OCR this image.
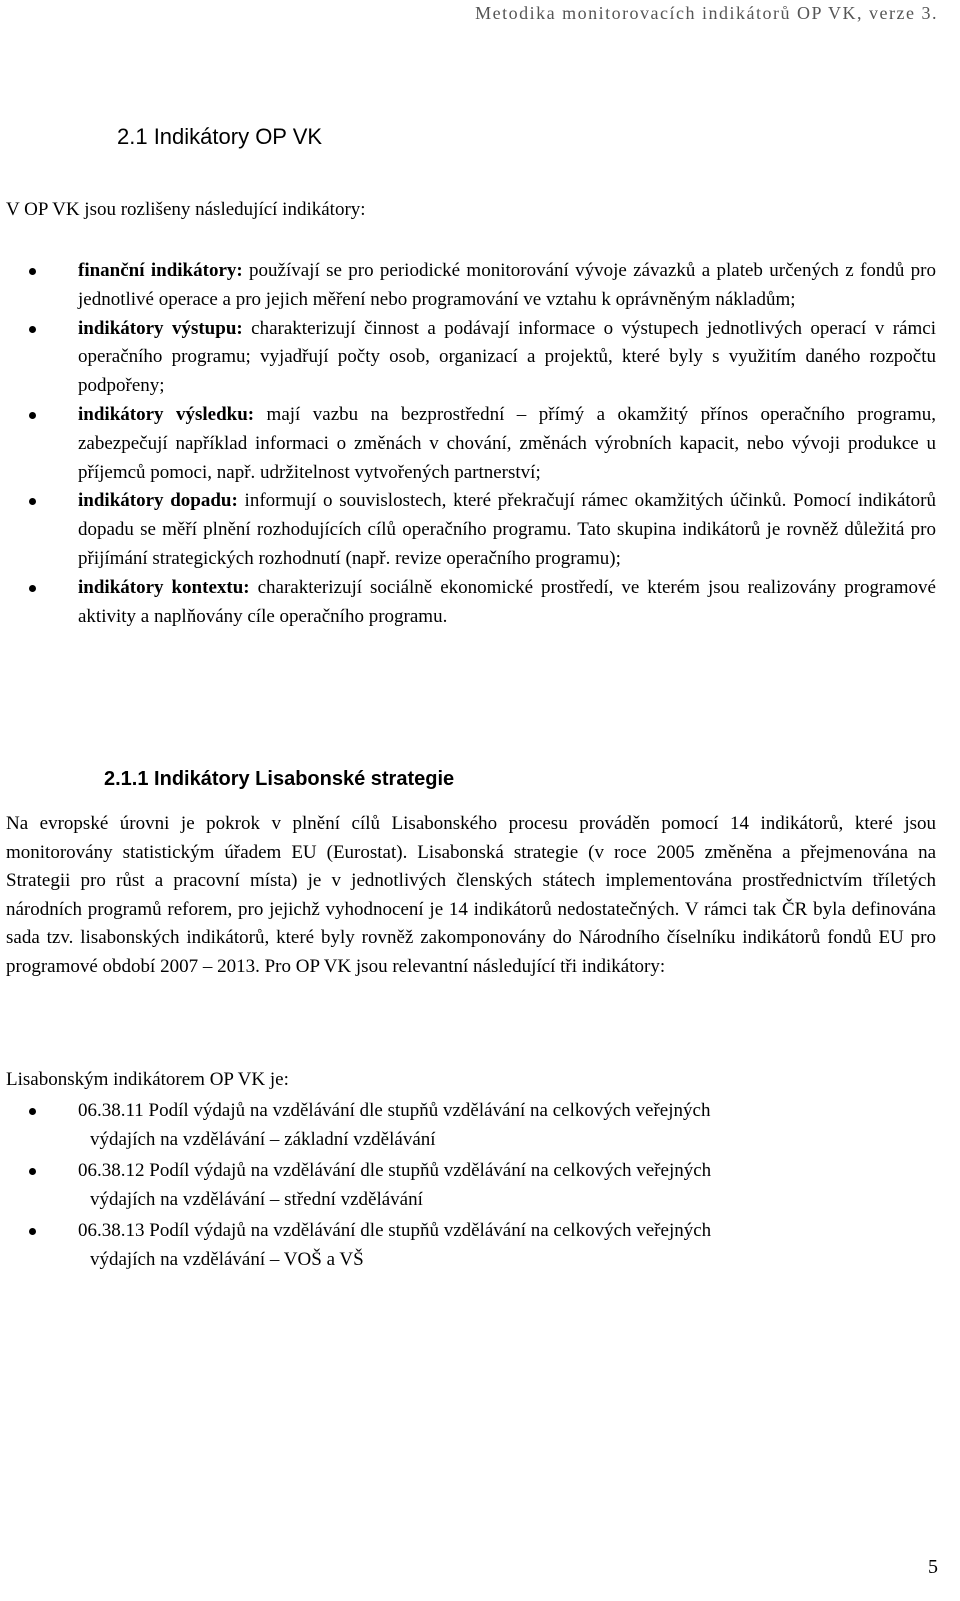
Metodika monitorovacích indikátorů OP VK, verze 3.
2.1 Indikátory OP VK

V OP VK jsou rozlišeny následující indikátory:

finanční indikátory: používají se pro periodické monitorování vývoje závazků a plateb určených z fondů pro jednotlivé operace a pro jejich měření nebo programování ve vztahu k oprávněným nákladům;
indikátory výstupu: charakterizují činnost a podávají informace o výstupech jednotlivých operací v rámci operačního programu; vyjadřují počty osob, organizací a projektů, které byly s využitím daného rozpočtu podpořeny;
indikátory výsledku: mají vazbu na bezprostřední – přímý a okamžitý přínos operačního programu, zabezpečují například informaci o změnách v chování, změnách výrobních kapacit, nebo vývoji produkce u příjemců pomoci, např. udržitelnost vytvořených partnerství;
indikátory dopadu: informují o souvislostech, které překračují rámec okamžitých účinků. Pomocí indikátorů dopadu se měří plnění rozhodujících cílů operačního programu. Tato skupina indikátorů je rovněž důležitá pro přijímání strategických rozhodnutí (např. revize operačního programu);
indikátory kontextu: charakterizují sociálně ekonomické prostředí, ve kterém jsou realizovány programové aktivity a naplňovány cíle operačního programu.
2.1.1 Indikátory Lisabonské strategie

Na evropské úrovni je pokrok v plnění cílů Lisabonského procesu prováděn pomocí 14 indikátorů, které jsou monitorovány statistickým úřadem EU (Eurostat). Lisabonská strategie (v roce 2005 změněna a přejmenována na Strategii pro růst a pracovní místa) je v jednotlivých členských státech implementována prostřednictvím tříletých národních programů reforem, pro jejichž vyhodnocení je 14 indikátorů nedostatečných. V rámci tak ČR byla definována sada tzv. lisabonských indikátorů, které byly rovněž zakomponovány do Národního číselníku indikátorů fondů EU pro programové období 2007 – 2013. Pro OP VK jsou relevantní následující tři indikátory:

Lisabonským indikátorem OP VK je:

06.38.11 Podíl výdajů na vzdělávání dle stupňů vzdělávání na celkových veřejných
výdajích na vzdělávání – základní vzdělávání
06.38.12 Podíl výdajů na vzdělávání dle stupňů vzdělávání na celkových veřejných
výdajích na vzdělávání – střední vzdělávání
06.38.13 Podíl výdajů na vzdělávání dle stupňů vzdělávání na celkových veřejných
výdajích na vzdělávání – VOŠ a VŠ
5
